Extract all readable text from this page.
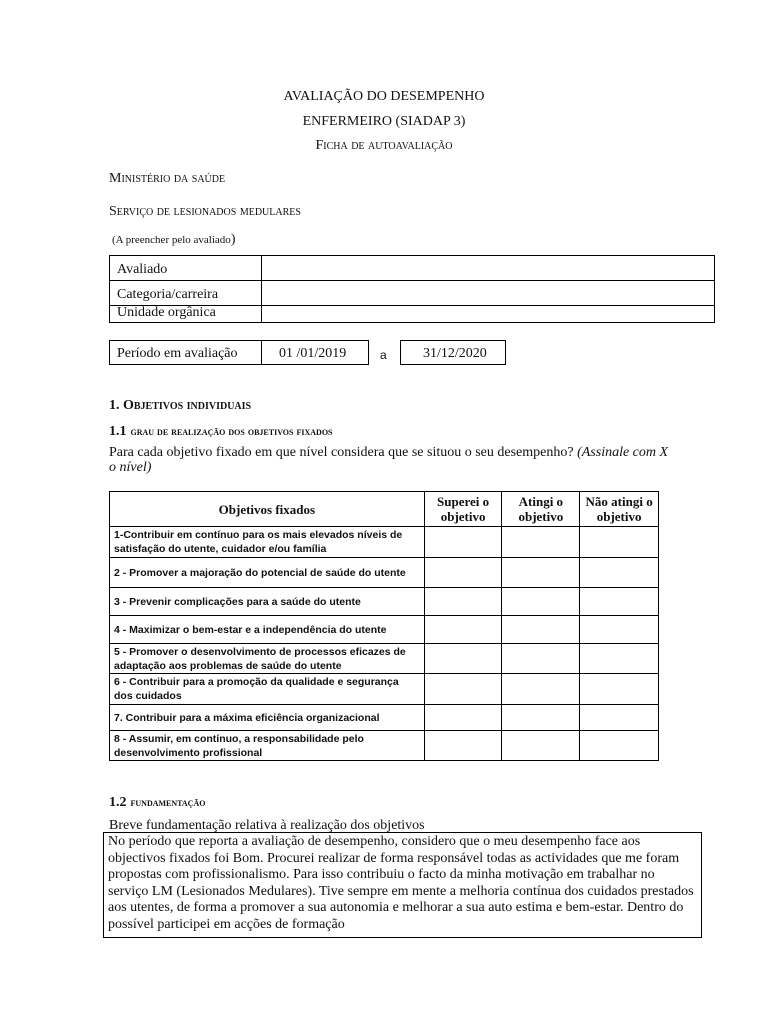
AVALIAÇÃO DO DESEMPENHO
ENFERMEIRO (SIADAP 3)
Ficha de autoavaliação
Ministério da saúde
Serviço de lesionados medulares
(A preencher pelo avaliado)
Avaliado
Categoria/carreira
Unidade orgânica
Período em avaliação	01 /01/2019	a	31/12/2020
1. Objetivos individuais
1.1 grau de realização dos objetivos fixados
Para cada objetivo fixado em que nível considera que se situou o seu desempenho? (Assinale com X o nível)
Objetivos fixados	Superei o objetivo	Atingi o objetivo	Não atingi o objetivo
1-Contribuir em contínuo para os mais elevados níveis de satisfação do utente, cuidador e/ou família			
2 - Promover a majoração do potencial de saúde do utente			
3 - Prevenir complicações para a saúde do utente			
4 - Maximizar o bem-estar e a independência do utente			
5 - Promover o desenvolvimento de processos eficazes de adaptação aos problemas de saúde do utente			
6 - Contribuir para a promoção da qualidade e segurança dos cuidados			
7. Contribuir para a máxima eficiência organizacional			
8 - Assumir, em contínuo, a responsabilidade pelo desenvolvimento profissional			
1.2 fundamentação
Breve fundamentação relativa à realização dos objetivos
No período que reporta a avaliação de desempenho, considero que o meu desempenho face aos objectivos fixados foi Bom. Procurei realizar de forma responsável todas as actividades que me foram propostas com profissionalismo. Para isso contribuiu o facto da minha motivação em trabalhar no serviço LM (Lesionados Medulares). Tive sempre em mente a melhoria contínua dos cuidados prestados aos utentes, de forma a promover a sua autonomia e melhorar a sua auto estima e bem-estar. Dentro do possível participei em acções de formação
